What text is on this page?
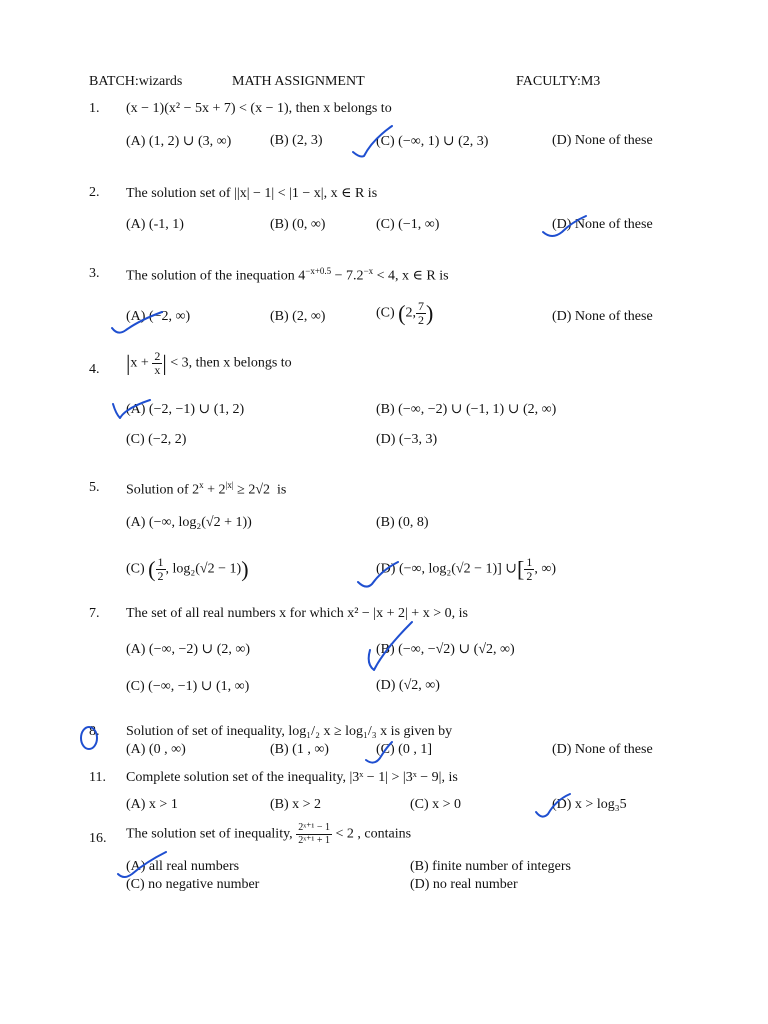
BATCH:wizards	MATH ASSIGNMENT	FACULTY:M3
1. (x − 1)(x² − 5x + 7) < (x − 1), then x belongs to
(A) (1, 2) ∪ (3, ∞)	(B) (2, 3)	(C) (−∞, 1) ∪ (2, 3)	(D) None of these
2. The solution set of ||x| − 1| < |1 − x|, x ∈ R is
(A) (-1, 1)	(B) (0, ∞)	(C) (−1, ∞)	(D) None of these
3. The solution of the inequation $4^{-x+0.5} - 7.2^{-x} < 4$, x ∈ R is
(A) (−2, ∞)	(B) (2, ∞)	(C) (2, $\frac{7}{2}$ )	(D) None of these
4. $|x + \frac{2}{x}$ | < 3, then x belongs to
(A) (−2, −1) ∪ (1, 2)	(B) (−∞, −2) ∪ (−1, 1) ∪ (2, ∞)
(C) (−2, 2)	(D) (−3, 3)
5. Solution of $2^x + 2^{|x|} \ge 2√2$ is
(A) (−∞, log₂(√2 + 1))	(B) (0, 8)
(C) ( $\frac{1}{2}$ , log₂(√2 − 1))	(D) (−∞, log₂(√2 − 1)] ∪[ $\frac{1}{2}$ , ∞)
7. The set of all real numbers x for which x² − |x + 2| + x > 0, is
(A) (−∞, −2) ∪ (2, ∞)	(B) (−∞, −√2) ∪ (√2, ∞)
(C) (−∞, −1) ∪ (1, ∞)	(D) (√2, ∞)
8. Solution of set of inequality, log₁/₂ x ≥ log₁/₃ x is given by
(A) (0 , ∞)	(B) (1 , ∞)	(C) (0 , 1]	(D) None of these
11. Complete solution set of the inequality, |3ˣ − 1| > |3ˣ − 9|, is
(A) x > 1	(B) x > 2	(C) x > 0	(D) x > log₃5
16. The solution set of inequality, $\frac{\text{2ˣ⁺¹ − 1}}{\text{2ˣ⁺¹ + 1}} < 2$ , contains
(A) all real numbers	(B) finite number of integers
(C) no negative number	(D) no real number
